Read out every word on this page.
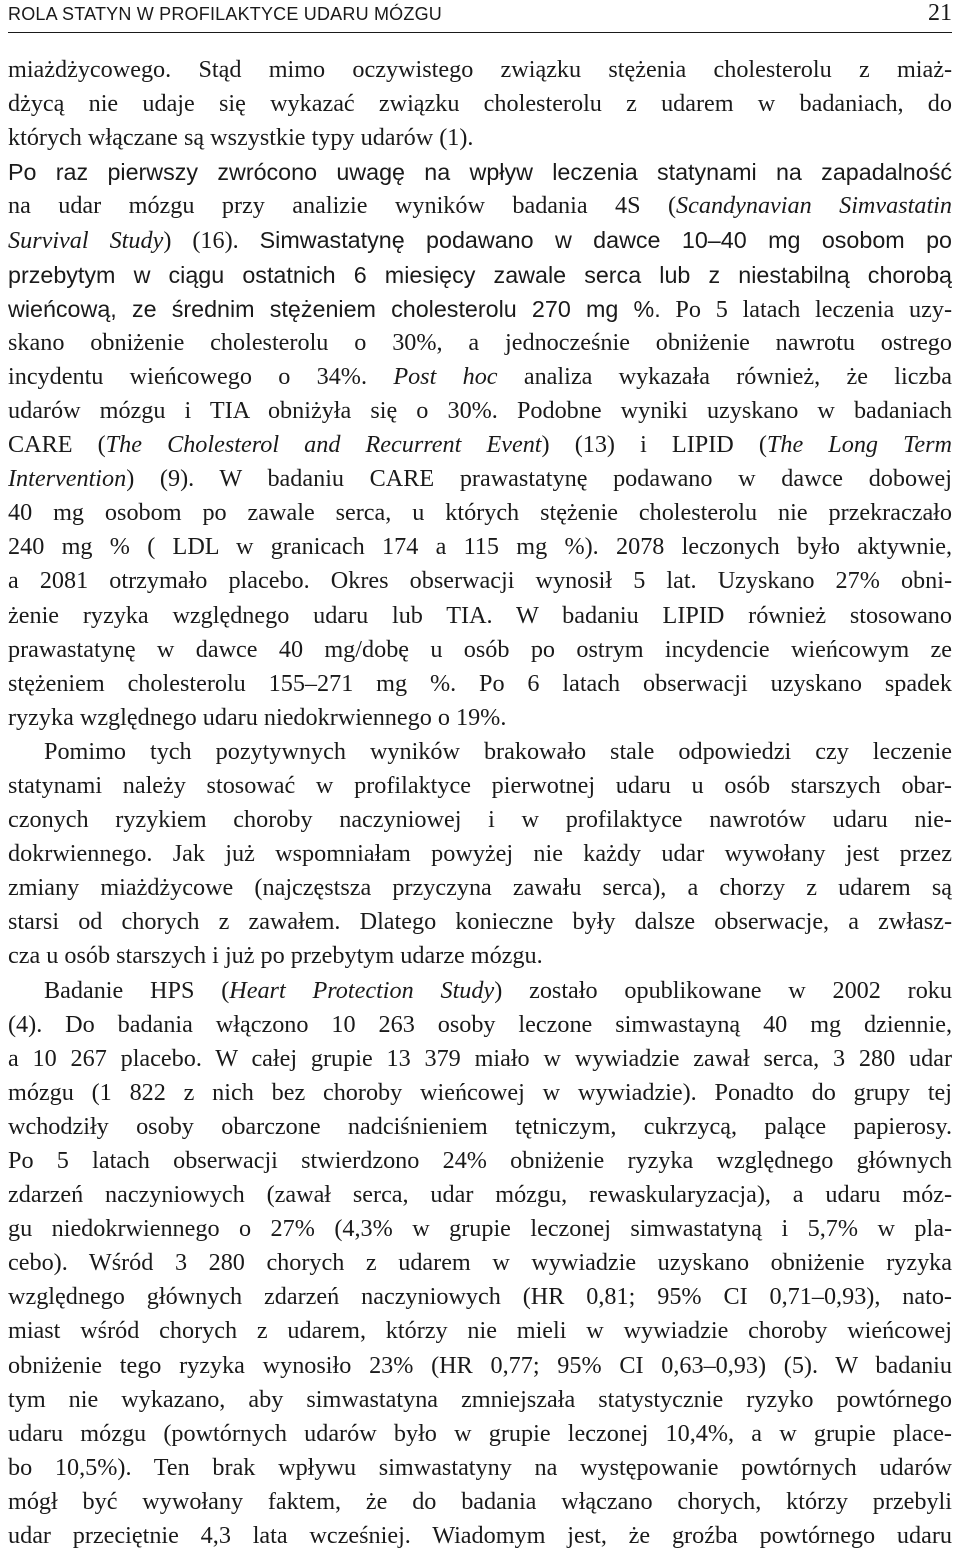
ROLA STATYN W PROFILAKTYCE UDARU MÓZGU	21
miażdżycowego. Stąd mimo oczywistego związku stężenia cholesterolu z miaż-
dżycą nie udaje się wykazać związku cholesterolu z udarem w badaniach, do
których włączane są wszystkie typy udarów (1).
Po raz pierwszy zwrócono uwagę na wpływ leczenia statynami na zapadalność
na udar mózgu przy analizie wyników badania 4S (Scandynavian Simvastatin
Survival Study) (16). Simwastatynę podawano w dawce 10–40 mg osobom po
przebytym w ciągu ostatnich 6 miesięcy zawale serca lub z niestabilną chorobą
wieńcową, ze średnim stężeniem cholesterolu 270 mg %. Po 5 latach leczenia uzy-
skano obniżenie cholesterolu o 30%, a jednocześnie obniżenie nawrotu ostrego
incydentu wieńcowego o 34%. Post hoc analiza wykazała również, że liczba
udarów mózgu i TIA obniżyła się o 30%. Podobne wyniki uzyskano w badaniach
CARE (The Cholesterol and Recurrent Event) (13) i LIPID (The Long Term
Intervention) (9). W badaniu CARE prawastatynę podawano w dawce dobowej
40 mg osobom po zawale serca, u których stężenie cholesterolu nie przekraczało
240 mg % ( LDL w granicach 174 a 115 mg %). 2078 leczonych było aktywnie,
a 2081 otrzymało placebo. Okres obserwacji wynosił 5 lat. Uzyskano 27% obni-
żenie ryzyka względnego udaru lub TIA. W badaniu LIPID również stosowano
prawastatynę w dawce 40 mg/dobę u osób po ostrym incydencie wieńcowym ze
stężeniem cholesterolu 155–271 mg %. Po 6 latach obserwacji uzyskano spadek
ryzyka względnego udaru niedokrwiennego o 19%.
Pomimo tych pozytywnych wyników brakowało stale odpowiedzi czy leczenie
statynami należy stosować w profilaktyce pierwotnej udaru u osób starszych obar-
czonych ryzykiem choroby naczyniowej i w profilaktyce nawrotów udaru nie-
dokrwiennego. Jak już wspomniałam powyżej nie każdy udar wywołany jest przez
zmiany miażdżycowe (najczęstsza przyczyna zawału serca), a chorzy z udarem są
starsi od chorych z zawałem. Dlatego konieczne były dalsze obserwacje, a zwłasz-
cza u osób starszych i już po przebytym udarze mózgu.
Badanie HPS (Heart Protection Study) zostało opublikowane w 2002 roku
(4). Do badania włączono 10 263 osoby leczone simwastayną 40 mg dziennie,
a 10 267 placebo. W całej grupie 13 379 miało w wywiadzie zawał serca, 3 280 udar
mózgu (1 822 z nich bez choroby wieńcowej w wywiadzie). Ponadto do grupy tej
wchodziły osoby obarczone nadciśnieniem tętniczym, cukrzycą, palące papierosy.
Po 5 latach obserwacji stwierdzono 24% obniżenie ryzyka względnego głównych
zdarzeń naczyniowych (zawał serca, udar mózgu, rewaskularyzacja), a udaru móz-
gu niedokrwiennego o 27% (4,3% w grupie leczonej simwastatyną i 5,7% w pla-
cebo). Wśród 3 280 chorych z udarem w wywiadzie uzyskano obniżenie ryzyka
względnego głównych zdarzeń naczyniowych (HR 0,81; 95% CI 0,71–0,93), nato-
miast wśród chorych z udarem, którzy nie mieli w wywiadzie choroby wieńcowej
obniżenie tego ryzyka wynosiło 23% (HR 0,77; 95% CI 0,63–0,93) (5). W badaniu
tym nie wykazano, aby simwastatyna zmniejszała statystycznie ryzyko powtórnego
udaru mózgu (powtórnych udarów było w grupie leczonej 10,4%, a w grupie place-
bo 10,5%). Ten brak wpływu simwastatyny na występowanie powtórnych udarów
mógł być wywołany faktem, że do badania włączano chorych, którzy przebyli
udar przeciętnie 4,3 lata wcześniej. Wiadomym jest, że groźba powtórnego udaru
